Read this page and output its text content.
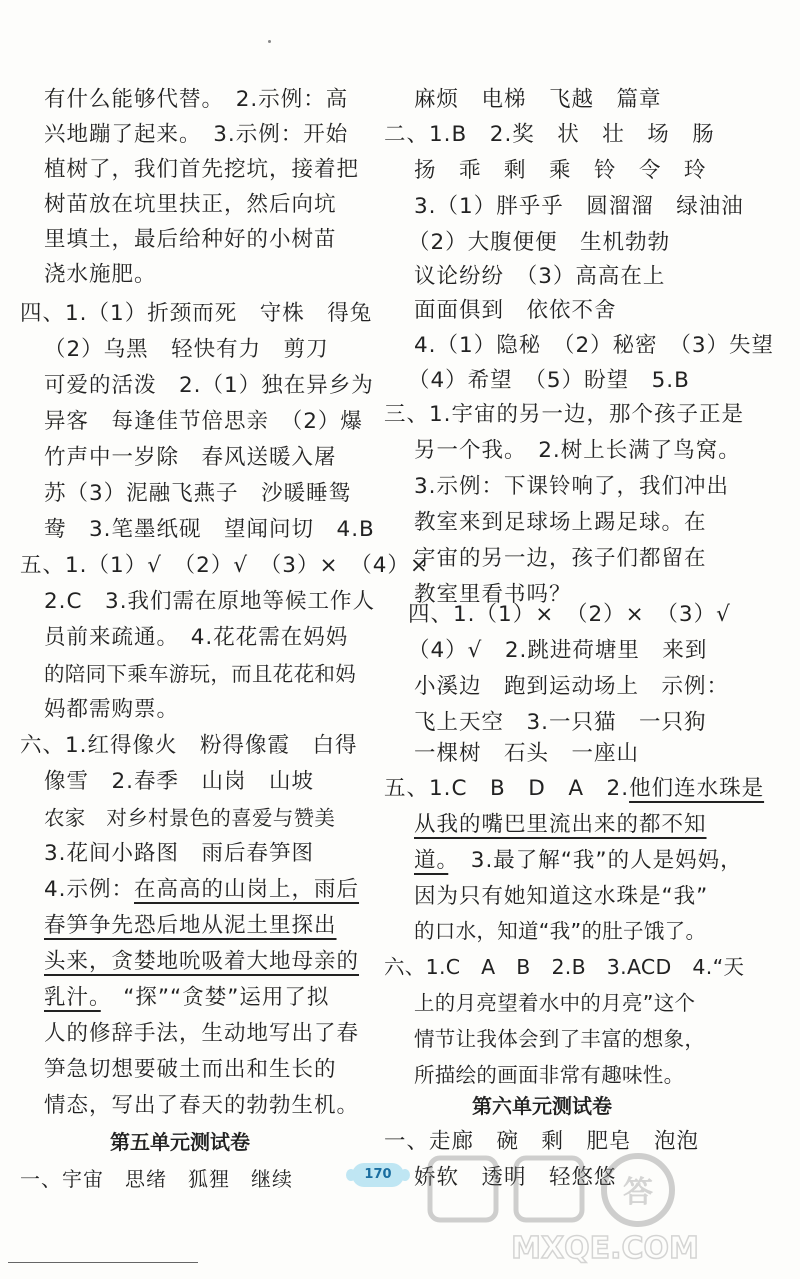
有什么能够代替。　2.示例：高
兴地蹦了起来。　3.示例：开始
植树了，我们首先挖坑，接着把
树苗放在坑里扶正，然后向坑
里填土，最后给种好的小树苗
浇水施肥。
四、1.（1）折颈而死　守株　得兔
（2）乌黑　轻快有力　剪刀
可爱的活泼　2.（1）独在异乡为
异客　每逢佳节倍思亲　（2）爆
竹声中一岁除　春风送暖入屠
苏（3）泥融飞燕子　沙暖睡鸳
鸯　3.笔墨纸砚　望闻问切　4.B
五、1.（1）√　（2）√　（3）×　（4）×
2.C　3.我们需在原地等候工作人
员前来疏通。　4.花花需在妈妈
的陪同下乘车游玩，而且花花和妈
妈都需购票。
六、1.红得像火　粉得像霞　白得
像雪　2.春季　山岗　山坡
农家　对乡村景色的喜爱与赞美
3.花间小路图　雨后春笋图
4.示例：在高高的山岗上，雨后
春笋争先恐后地从泥土里探出
头来，贪婪地吮吸着大地母亲的
乳汁。　 “探”“贪婪”运用了拟
人的修辞手法，生动地写出了春
笋急切想要破土而出和生长的
情态，写出了春天的勃勃生机。
第五单元测试卷
一、宇宙　思绪　狐狸　继续
麻烦　电梯　飞越　篇章
二、1.B　2.奖　状　壮　场　肠
扬　乖　剩　乘　铃　令　玲
3.（1）胖乎乎　圆溜溜　绿油油
（2）大腹便便　生机勃勃
议论纷纷　（3）高高在上
面面俱到　依依不舍
4.（1）隐秘　（2）秘密　（3）失望
（4）希望　（5）盼望　5.B
三、1.宇宙的另一边，那个孩子正是
另一个我。　2.树上长满了鸟窝。
3.示例：下课铃响了，我们冲出
教室来到足球场上踢足球。在
宇宙的另一边，孩子们都留在
教室里看书吗？
四、1.（1）×　（2）×　（3）√
（4）√　2.跳进荷塘里　来到
小溪边　跑到运动场上　示例：
飞上天空　3.一只猫　一只狗
一棵树　石头　一座山
五、1.C　B　D　A　2.他们连水珠是
从我的嘴巴里流出来的都不知
道。　 3.最了解“我”的人是妈妈，
因为只有她知道这水珠是“我”
的口水，知道“我”的肚子饿了。
六、1.C　A　B　2.B　3.ACD　4.“天
上的月亮望着水中的月亮”这个
情节让我体会到了丰富的想象，
所描绘的画面非常有趣味性。
第六单元测试卷
一、走廊　碗　剩　肥皂　泡泡
娇软　透明　轻悠悠
170
答
MXQE.COM
